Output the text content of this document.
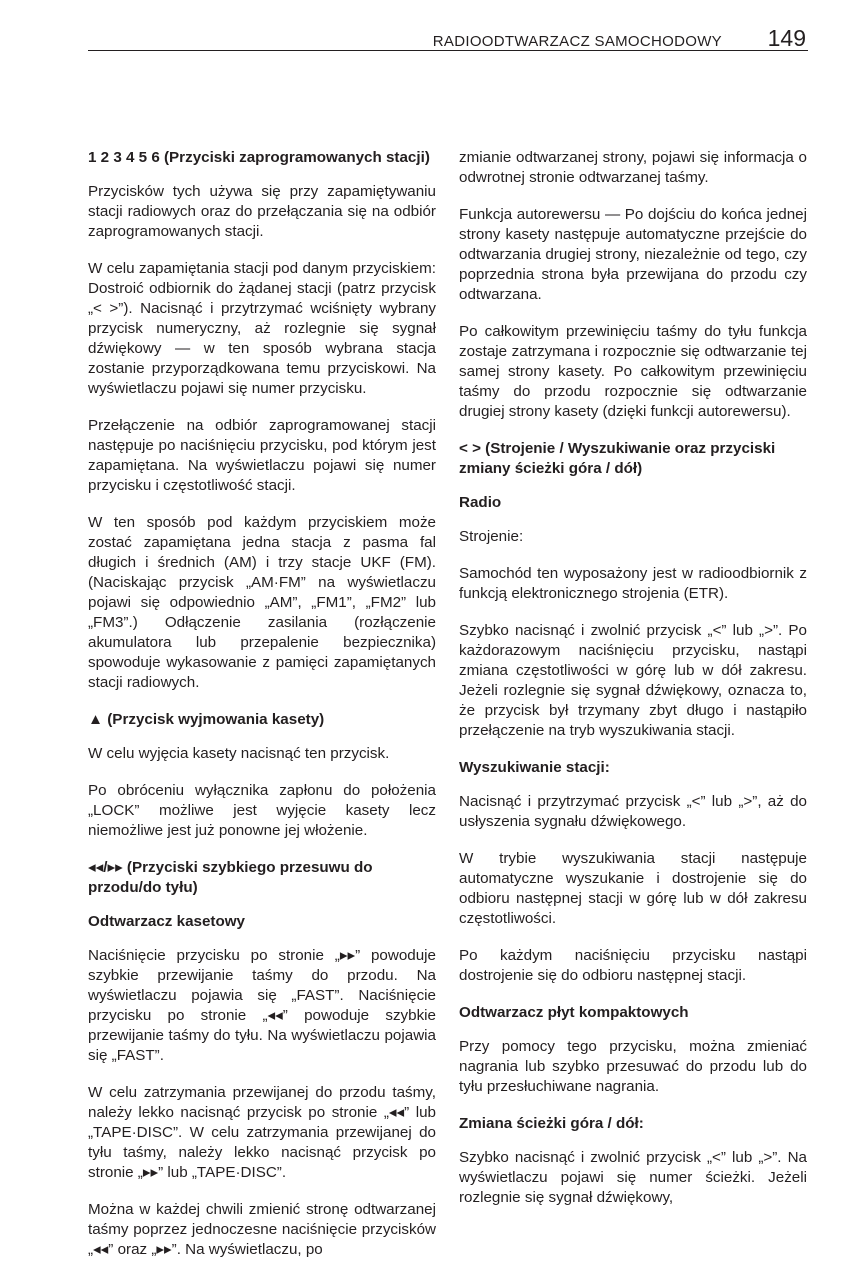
RADIOODTWARZACZ SAMOCHODOWY 149

1 2 3 4 5 6 (Przyciski zaprogramowanych stacji)

Przycisków tych używa się przy zapamiętywaniu stacji radiowych oraz do przełączania się na odbiór zaprogramowanych stacji.

W celu zapamiętania stacji pod danym przyciskiem: Dostroić odbiornik do żądanej stacji (patrz przycisk „< >”). Nacisnąć i przytrzymać wciśnięty wybrany przycisk numeryczny, aż rozlegnie się sygnał dźwiękowy — w ten sposób wybrana stacja zostanie przyporządkowana temu przyciskowi. Na wyświetlaczu pojawi się numer przycisku.

Przełączenie na odbiór zaprogramowanej stacji następuje po naciśnięciu przycisku, pod którym jest zapamiętana. Na wyświetlaczu pojawi się numer przycisku i częstotliwość stacji.

W ten sposób pod każdym przyciskiem może zostać zapamiętana jedna stacja z pasma fal długich i średnich (AM) i trzy stacje UKF (FM). (Naciskając przycisk „AM·FM” na wyświetlaczu pojawi się odpowiednio „AM”, „FM1”, „FM2” lub „FM3”.) Odłączenie zasilania (rozłączenie akumulatora lub przepalenie bezpiecznika) spowoduje wykasowanie z pamięci zapamiętanych stacji radiowych.

▲ (Przycisk wyjmowania kasety)

W celu wyjęcia kasety nacisnąć ten przycisk.

Po obróceniu wyłącznika zapłonu do położenia „LOCK” możliwe jest wyjęcie kasety lecz niemożliwe jest już ponowne jej włożenie.

◂◂/▸▸ (Przyciski szybkiego przesuwu do przodu/do tyłu)

Odtwarzacz kasetowy

Naciśnięcie przycisku po stronie „▸▸” powoduje szybkie przewijanie taśmy do przodu. Na wyświetlaczu pojawia się „FAST”. Naciśnięcie przycisku po stronie „◂◂” powoduje szybkie przewijanie taśmy do tyłu. Na wyświetlaczu pojawia się „FAST”.

W celu zatrzymania przewijanej do przodu taśmy, należy lekko nacisnąć przycisk po stronie „◂◂” lub „TAPE·DISC”. W celu zatrzymania przewijanej do tyłu taśmy, należy lekko nacisnąć przycisk po stronie „▸▸” lub „TAPE·DISC”.

Można w każdej chwili zmienić stronę odtwarzanej taśmy poprzez jednoczesne naciśnięcie przycisków „◂◂” oraz „▸▸”. Na wyświetlaczu, po

zmianie odtwarzanej strony, pojawi się informacja o odwrotnej stronie odtwarzanej taśmy.

Funkcja autorewersu — Po dojściu do końca jednej strony kasety następuje automatyczne przejście do odtwarzania drugiej strony, niezależnie od tego, czy poprzednia strona była przewijana do przodu czy odtwarzana.

Po całkowitym przewinięciu taśmy do tyłu funkcja zostaje zatrzymana i rozpocznie się odtwarzanie tej samej strony kasety. Po całkowitym przewinięciu taśmy do przodu rozpocznie się odtwarzanie drugiej strony kasety (dzięki funkcji autorewersu).

< > (Strojenie / Wyszukiwanie oraz przyciski zmiany ścieżki góra / dół)

Radio

Strojenie:

Samochód ten wyposażony jest w radioodbiornik z funkcją elektronicznego strojenia (ETR).

Szybko nacisnąć i zwolnić przycisk „<” lub „>”. Po każdorazowym naciśnięciu przycisku, nastąpi zmiana częstotliwości w górę lub w dół zakresu. Jeżeli rozlegnie się sygnał dźwiękowy, oznacza to, że przycisk był trzymany zbyt długo i nastąpiło przełączenie na tryb wyszukiwania stacji.

Wyszukiwanie stacji:

Nacisnąć i przytrzymać przycisk „<” lub „>”, aż do usłyszenia sygnału dźwiękowego.

W trybie wyszukiwania stacji następuje automatyczne wyszukanie i dostrojenie się do odbioru następnej stacji w górę lub w dół zakresu częstotliwości.

Po każdym naciśnięciu przycisku nastąpi dostrojenie się do odbioru następnej stacji.

Odtwarzacz płyt kompaktowych

Przy pomocy tego przycisku, można zmieniać nagrania lub szybko przesuwać do przodu lub do tyłu przesłuchiwane nagrania.

Zmiana ścieżki góra / dół:

Szybko nacisnąć i zwolnić przycisk „<” lub „>”. Na wyświetlaczu pojawi się numer ścieżki. Jeżeli rozlegnie się sygnał dźwiękowy,
